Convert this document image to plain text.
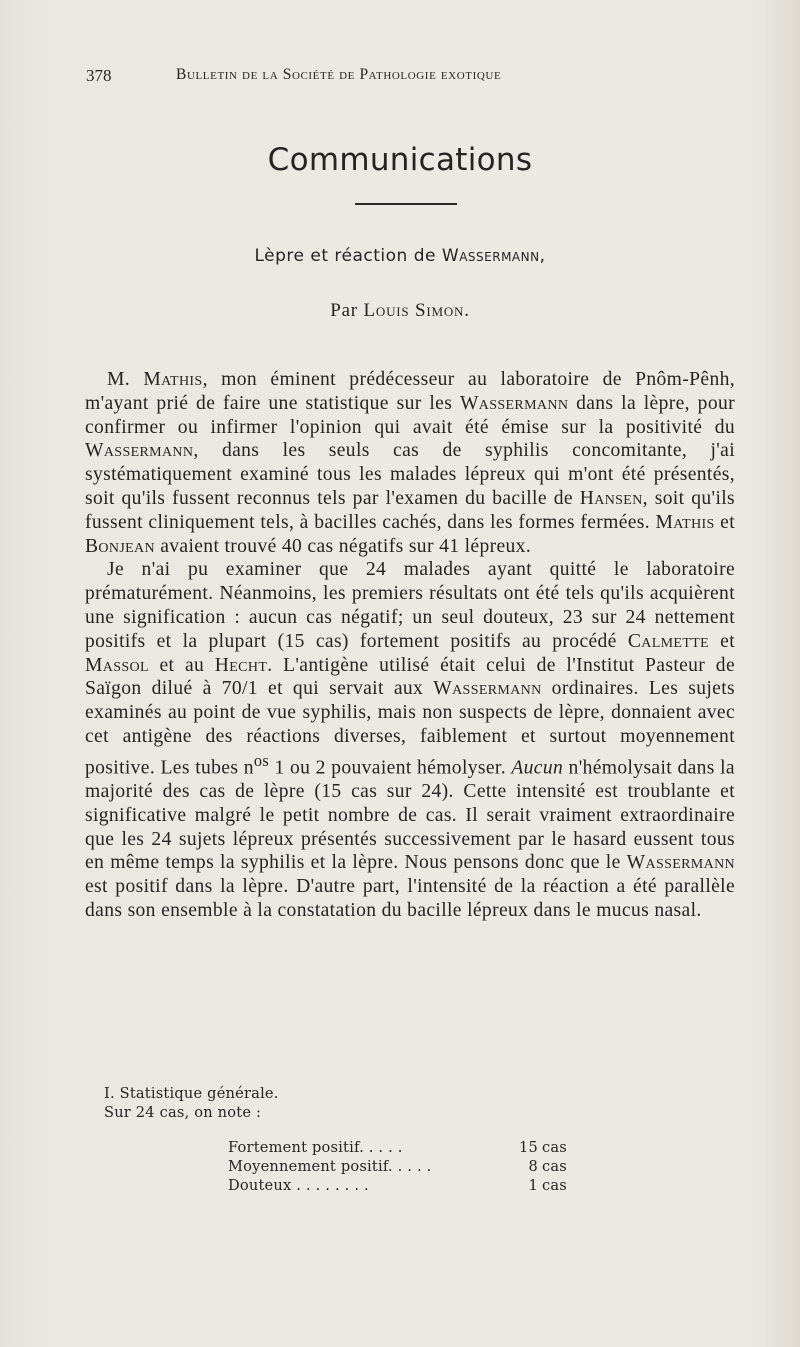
378	Bulletin de la Société de Pathologie exotique
Communications
Lèpre et réaction de Wassermann,
Par Louis Simon.

M. Mathis, mon éminent prédécesseur au laboratoire de Pnôm-Pênh, m'ayant prié de faire une statistique sur les Wassermann dans la lèpre, pour confirmer ou infirmer l'opinion qui avait été émise sur la positivité du Wassermann, dans les seuls cas de syphilis concomitante, j'ai systématiquement examiné tous les malades lépreux qui m'ont été présentés, soit qu'ils fussent reconnus tels par l'examen du bacille de Hansen, soit qu'ils fussent cliniquement tels, à bacilles cachés, dans les formes fermées. Mathis et Bonjean avaient trouvé 40 cas négatifs sur 41 lépreux.

Je n'ai pu examiner que 24 malades ayant quitté le laboratoire prématurément. Néanmoins, les premiers résultats ont été tels qu'ils acquièrent une signification : aucun cas négatif; un seul douteux, 23 sur 24 nettement positifs et la plupart (15 cas) fortement positifs au procédé Calmette et Massol et au Hecht. L'antigène utilisé était celui de l'Institut Pasteur de Saïgon dilué à 70/1 et qui servait aux Wassermann ordinaires. Les sujets examinés au point de vue syphilis, mais non suspects de lèpre, donnaient avec cet antigène des réactions diverses, faiblement et surtout moyennement positive. Les tubes $n^{os}$ 1 ou 2 pouvaient hémolyser. Aucun n'hémolysait dans la majorité des cas de lèpre (15 cas sur 24). Cette intensité est troublante et significative malgré le petit nombre de cas. Il serait vraiment extraordinaire que les 24 sujets lépreux présentés successivement par le hasard eussent tous en même temps la syphilis et la lèpre. Nous pensons donc que le Wassermann est positif dans la lèpre. D'autre part, l'intensité de la réaction a été parallèle dans son ensemble à la constatation du bacille lépreux dans le mucus nasal.

I. Statistique générale.

Sur 24 cas, on note :

Fortement positif. . . . .	15	cas
Moyennement positif. . . . .	8	cas
Douteux . . . . . . . .	1	cas
